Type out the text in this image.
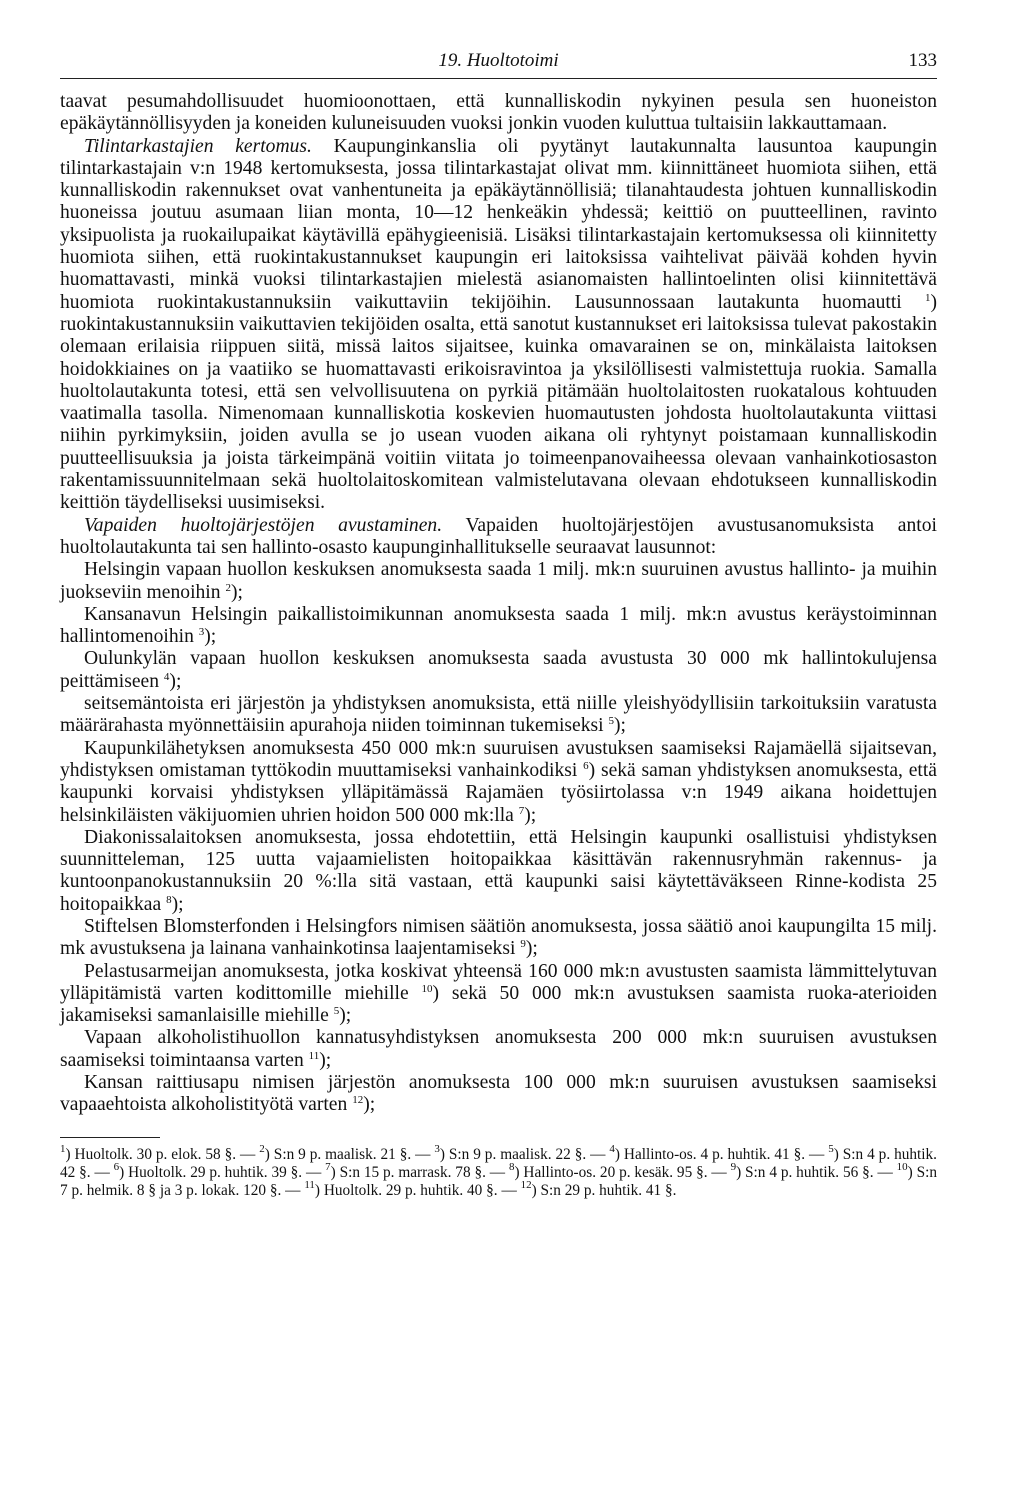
19. Huoltotoimi	133

taavat pesumahdollisuudet huomioonottaen, että kunnalliskodin nykyinen pesula sen huoneiston epäkäytännöllisyyden ja koneiden kuluneisuuden vuoksi jonkin vuoden kuluttua tultaisiin lakkauttamaan.

Tilintarkastajien kertomus. Kaupunginkanslia oli pyytänyt lautakunnalta lausuntoa kaupungin tilintarkastajain v:n 1948 kertomuksesta, jossa tilintarkastajat olivat mm. kiinnittäneet huomiota siihen, että kunnalliskodin rakennukset ovat vanhentuneita ja epäkäytännöllisiä; tilanahtaudesta johtuen kunnalliskodin huoneissa joutuu asumaan liian monta, 10—12 henkeäkin yhdessä; keittiö on puutteellinen, ravinto yksipuolista ja ruokailupaikat käytävillä epähygieenisiä. Lisäksi tilintarkastajain kertomuksessa oli kiinnitetty huomiota siihen, että ruokintakustannukset kaupungin eri laitoksissa vaihtelivat päivää kohden hyvin huomattavasti, minkä vuoksi tilintarkastajien mielestä asianomaisten hallintoelinten olisi kiinnitettävä huomiota ruokintakustannuksiin vaikuttaviin tekijöihin. Lausunnossaan lautakunta huomautti $^1$) ruokintakustannuksiin vaikuttavien tekijöiden osalta, että sanotut kustannukset eri laitoksissa tulevat pakostakin olemaan erilaisia riippuen siitä, missä laitos sijaitsee, kuinka omavarainen se on, minkälaista laitoksen hoidokkiaines on ja vaatiiko se huomattavasti erikoisravintoa ja yksilöllisesti valmistettuja ruokia. Samalla huoltolautakunta totesi, että sen velvollisuutena on pyrkiä pitämään huoltolaitosten ruokatalous kohtuuden vaatimalla tasolla. Nimenomaan kunnalliskotia koskevien huomautusten johdosta huoltolautakunta viittasi niihin pyrkimyksiin, joiden avulla se jo usean vuoden aikana oli ryhtynyt poistamaan kunnalliskodin puutteellisuuksia ja joista tärkeimpänä voitiin viitata jo toimeenpanovaiheessa olevaan vanhainkotiosaston rakentamissuunnitelmaan sekä huoltolaitoskomitean valmistelutavana olevaan ehdotukseen kunnalliskodin keittiön täydelliseksi uusimiseksi.

Vapaiden huoltojärjestöjen avustaminen. Vapaiden huoltojärjestöjen avustusanomuksista antoi huoltolautakunta tai sen hallinto-osasto kaupunginhallitukselle seuraavat lausunnot:

Helsingin vapaan huollon keskuksen anomuksesta saada 1 milj. mk:n suuruinen avustus hallinto- ja muihin juokseviin menoihin $^2$);

Kansanavun Helsingin paikallistoimikunnan anomuksesta saada 1 milj. mk:n avustus keräystoiminnan hallintomenoihin $^3$);

Oulunkylän vapaan huollon keskuksen anomuksesta saada avustusta 30 000 mk hallintokulujensa peittämiseen $^4$);

seitsemäntoista eri järjestön ja yhdistyksen anomuksista, että niille yleishyödyllisiin tarkoituksiin varatusta määrärahasta myönnettäisiin apurahoja niiden toiminnan tukemiseksi $^5$);

Kaupunkilähetyksen anomuksesta 450 000 mk:n suuruisen avustuksen saamiseksi Rajamäellä sijaitsevan, yhdistyksen omistaman tyttökodin muuttamiseksi vanhainkodiksi $^6$) sekä saman yhdistyksen anomuksesta, että kaupunki korvaisi yhdistyksen ylläpitämässä Rajamäen työsiirtolassa v:n 1949 aikana hoidettujen helsinkiläisten väkijuomien uhrien hoidon 500 000 mk:lla $^7$);

Diakonissalaitoksen anomuksesta, jossa ehdotettiin, että Helsingin kaupunki osallistuisi yhdistyksen suunnitteleman, 125 uutta vajaamielisten hoitopaikkaa käsittävän rakennusryhmän rakennus- ja kuntoonpanokustannuksiin 20 %:lla sitä vastaan, että kaupunki saisi käytettäväkseen Rinne-kodista 25 hoitopaikkaa $^8$);

Stiftelsen Blomsterfonden i Helsingfors nimisen säätiön anomuksesta, jossa säätiö anoi kaupungilta 15 milj. mk avustuksena ja lainana vanhainkotinsa laajentamiseksi $^9$);

Pelastusarmeijan anomuksesta, jotka koskivat yhteensä 160 000 mk:n avustusten saamista lämmittelytuvan ylläpitämistä varten kodittomille miehille $^{10}$) sekä 50 000 mk:n avustuksen saamista ruoka-aterioiden jakamiseksi samanlaisille miehille $^5$);

Vapaan alkoholistihuollon kannatusyhdistyksen anomuksesta 200 000 mk:n suuruisen avustuksen saamiseksi toimintaansa varten $^{11}$);

Kansan raittiusapu nimisen järjestön anomuksesta 100 000 mk:n suuruisen avustuksen saamiseksi vapaaehtoista alkoholistityötä varten $^{12}$);

$^1$) Huoltolk. 30 p. elok. 58 §. — $^2$) S:n 9 p. maalisk. 21 §. — $^3$) S:n 9 p. maalisk. 22 §. — $^4$) Hallinto-os. 4 p. huhtik. 41 §. — $^5$) S:n 4 p. huhtik. 42 §. — $^6$) Huoltolk. 29 p. huhtik. 39 §. — $^7$) S:n 15 p. marrask. 78 §. — $^8$) Hallinto-os. 20 p. kesäk. 95 §. — $^9$) S:n 4 p. huhtik. 56 §. — $^{10}$) S:n 7 p. helmik. 8 § ja 3 p. lokak. 120 §. — $^{11}$) Huoltolk. 29 p. huhtik. 40 §. — $^{12}$) S:n 29 p. huhtik. 41 §.
